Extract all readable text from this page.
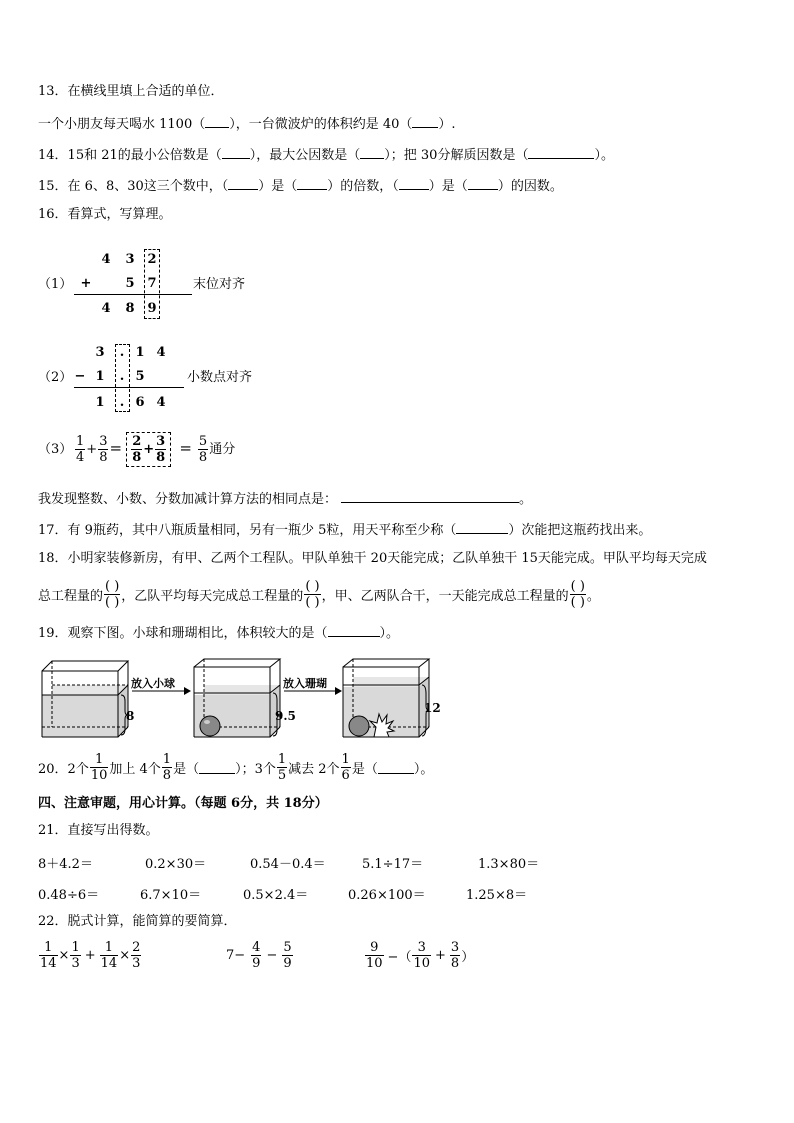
13．在横线里填上合适的单位．
一个小朋友每天喝水 1100（ ），一台微波炉的体积约是 40（ ）.
14．15和 21的最小公倍数是（ ），最大公因数是（ ）；把 30分解质因数是（	）。
15．在 6、8、30这三个数中，（ ）是（ ）的倍数，（ ）是（ ）的因数。
16．看算式，写算理。
（1）
4 3 2
+	5 7
4 8 9
末位对齐
（2）
3 . 1 4
− 1 . 5
1 . 6 4
小数点对齐
$(3) \frac{1}{4} + \frac{3}{8} = \frac{2}{8} + \frac{3}{8} = \frac{5}{8}$ 通分
我发现整数、小数、分数加减计算方法的相同点是：	。
17．有 9瓶药，其中八瓶质量相同，另有一瓶少 5粒，用天平称至少称（	）次能把这瓶药找出来。
18．小明家装修新房，有甲、乙两个工程队。甲队单独干 20天能完成；乙队单独干 15天能完成。甲队平均每天完成
总工程量的 $\frac{( )}{( )}$ ，乙队平均每天完成总工程量的 $\frac{( )}{( )}$ ，甲、乙两队合干，一天能完成总工程量的 $\frac{( )}{( )}$ 。
19．观察下图。小球和珊瑚相比，体积较大的是（	）。
放入小球	放入珊瑚
8	9.5
12
20．2个 $\frac{1}{10}$ 加上 4个 $\frac{1}{8}$ 是（	）；3个 $\frac{1}{5}$ 减去 2个 $\frac{1}{6}$ 是（	）。
四、注意审题，用心计算。（每题 6分，共 18分）
21．直接写出得数。
8＋4.2＝	0.2×30＝	0.54－0.4＝	5.1÷17＝	1.3×80＝
0.48÷6＝	6.7×10＝	0.5×2.4＝	0.26×100＝	1.25×8＝
22．脱式计算，能简算的要简算．
$\frac{1}{14} \times \frac{1}{3} + \frac{1}{14} \times \frac{2}{3}$	$7- \frac{4}{9} - \frac{5}{9}$	$\frac{9}{10}$ −（ $\frac{3}{10} + \frac{3}{8}$ ）
